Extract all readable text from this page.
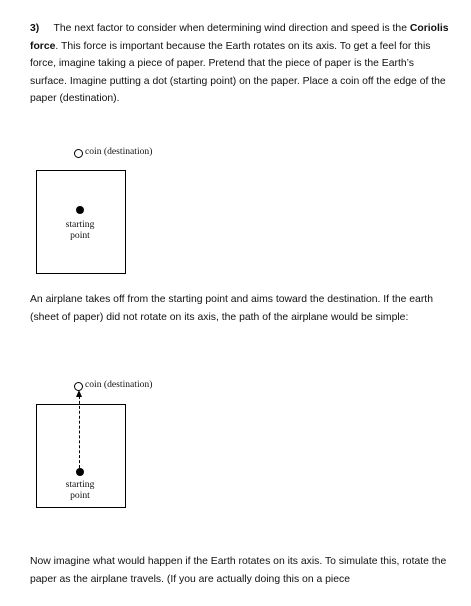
3) The next factor to consider when determining wind direction and speed is the Coriolis force. This force is important because the Earth rotates on its axis. To get a feel for this force, imagine taking a piece of paper. Pretend that the piece of paper is the Earth’s surface. Imagine putting a dot (starting point) on the paper. Place a coin off the edge of the paper (destination).

coin (destination)
starting
point

An airplane takes off from the starting point and aims toward the destination. If the earth (sheet of paper) did not rotate on its axis, the path of the airplane would be simple:

coin (destination)
starting
point

Now imagine what would happen if the Earth rotates on its axis. To simulate this, rotate the paper as the airplane travels. (If you are actually doing this on a piece
